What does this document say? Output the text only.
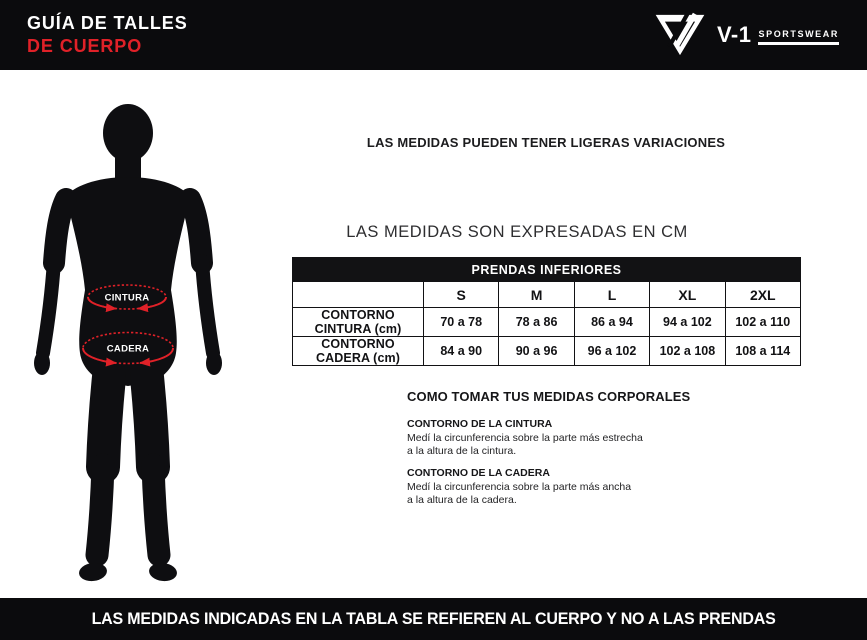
GUÍA DE TALLES
DE CUERPO	V-1 SPORTSWEAR
CINTURA
CADERA
LAS MEDIDAS PUEDEN TENER LIGERAS VARIACIONES
LAS MEDIDAS SON EXPRESADAS EN CM
PRENDAS INFERIORES					
	S	M	L	XL	2XL
CONTORNO CINTURA (cm)	70 a 78	78 a 86	86 a 94	94 a 102	102 a 110
CONTORNO CADERA (cm)	84 a 90	90 a 96	96 a 102	102 a 108	108 a 114
COMO TOMAR TUS MEDIDAS CORPORALES
CONTORNO DE LA CINTURA

Medí la circunferencia sobre la parte más estrecha
a la altura de la cintura.

CONTORNO DE LA CADERA

Medí la circunferencia sobre la parte más ancha
a la altura de la cadera.

LAS MEDIDAS INDICADAS EN LA TABLA SE REFIEREN AL CUERPO Y NO A LAS PRENDAS
